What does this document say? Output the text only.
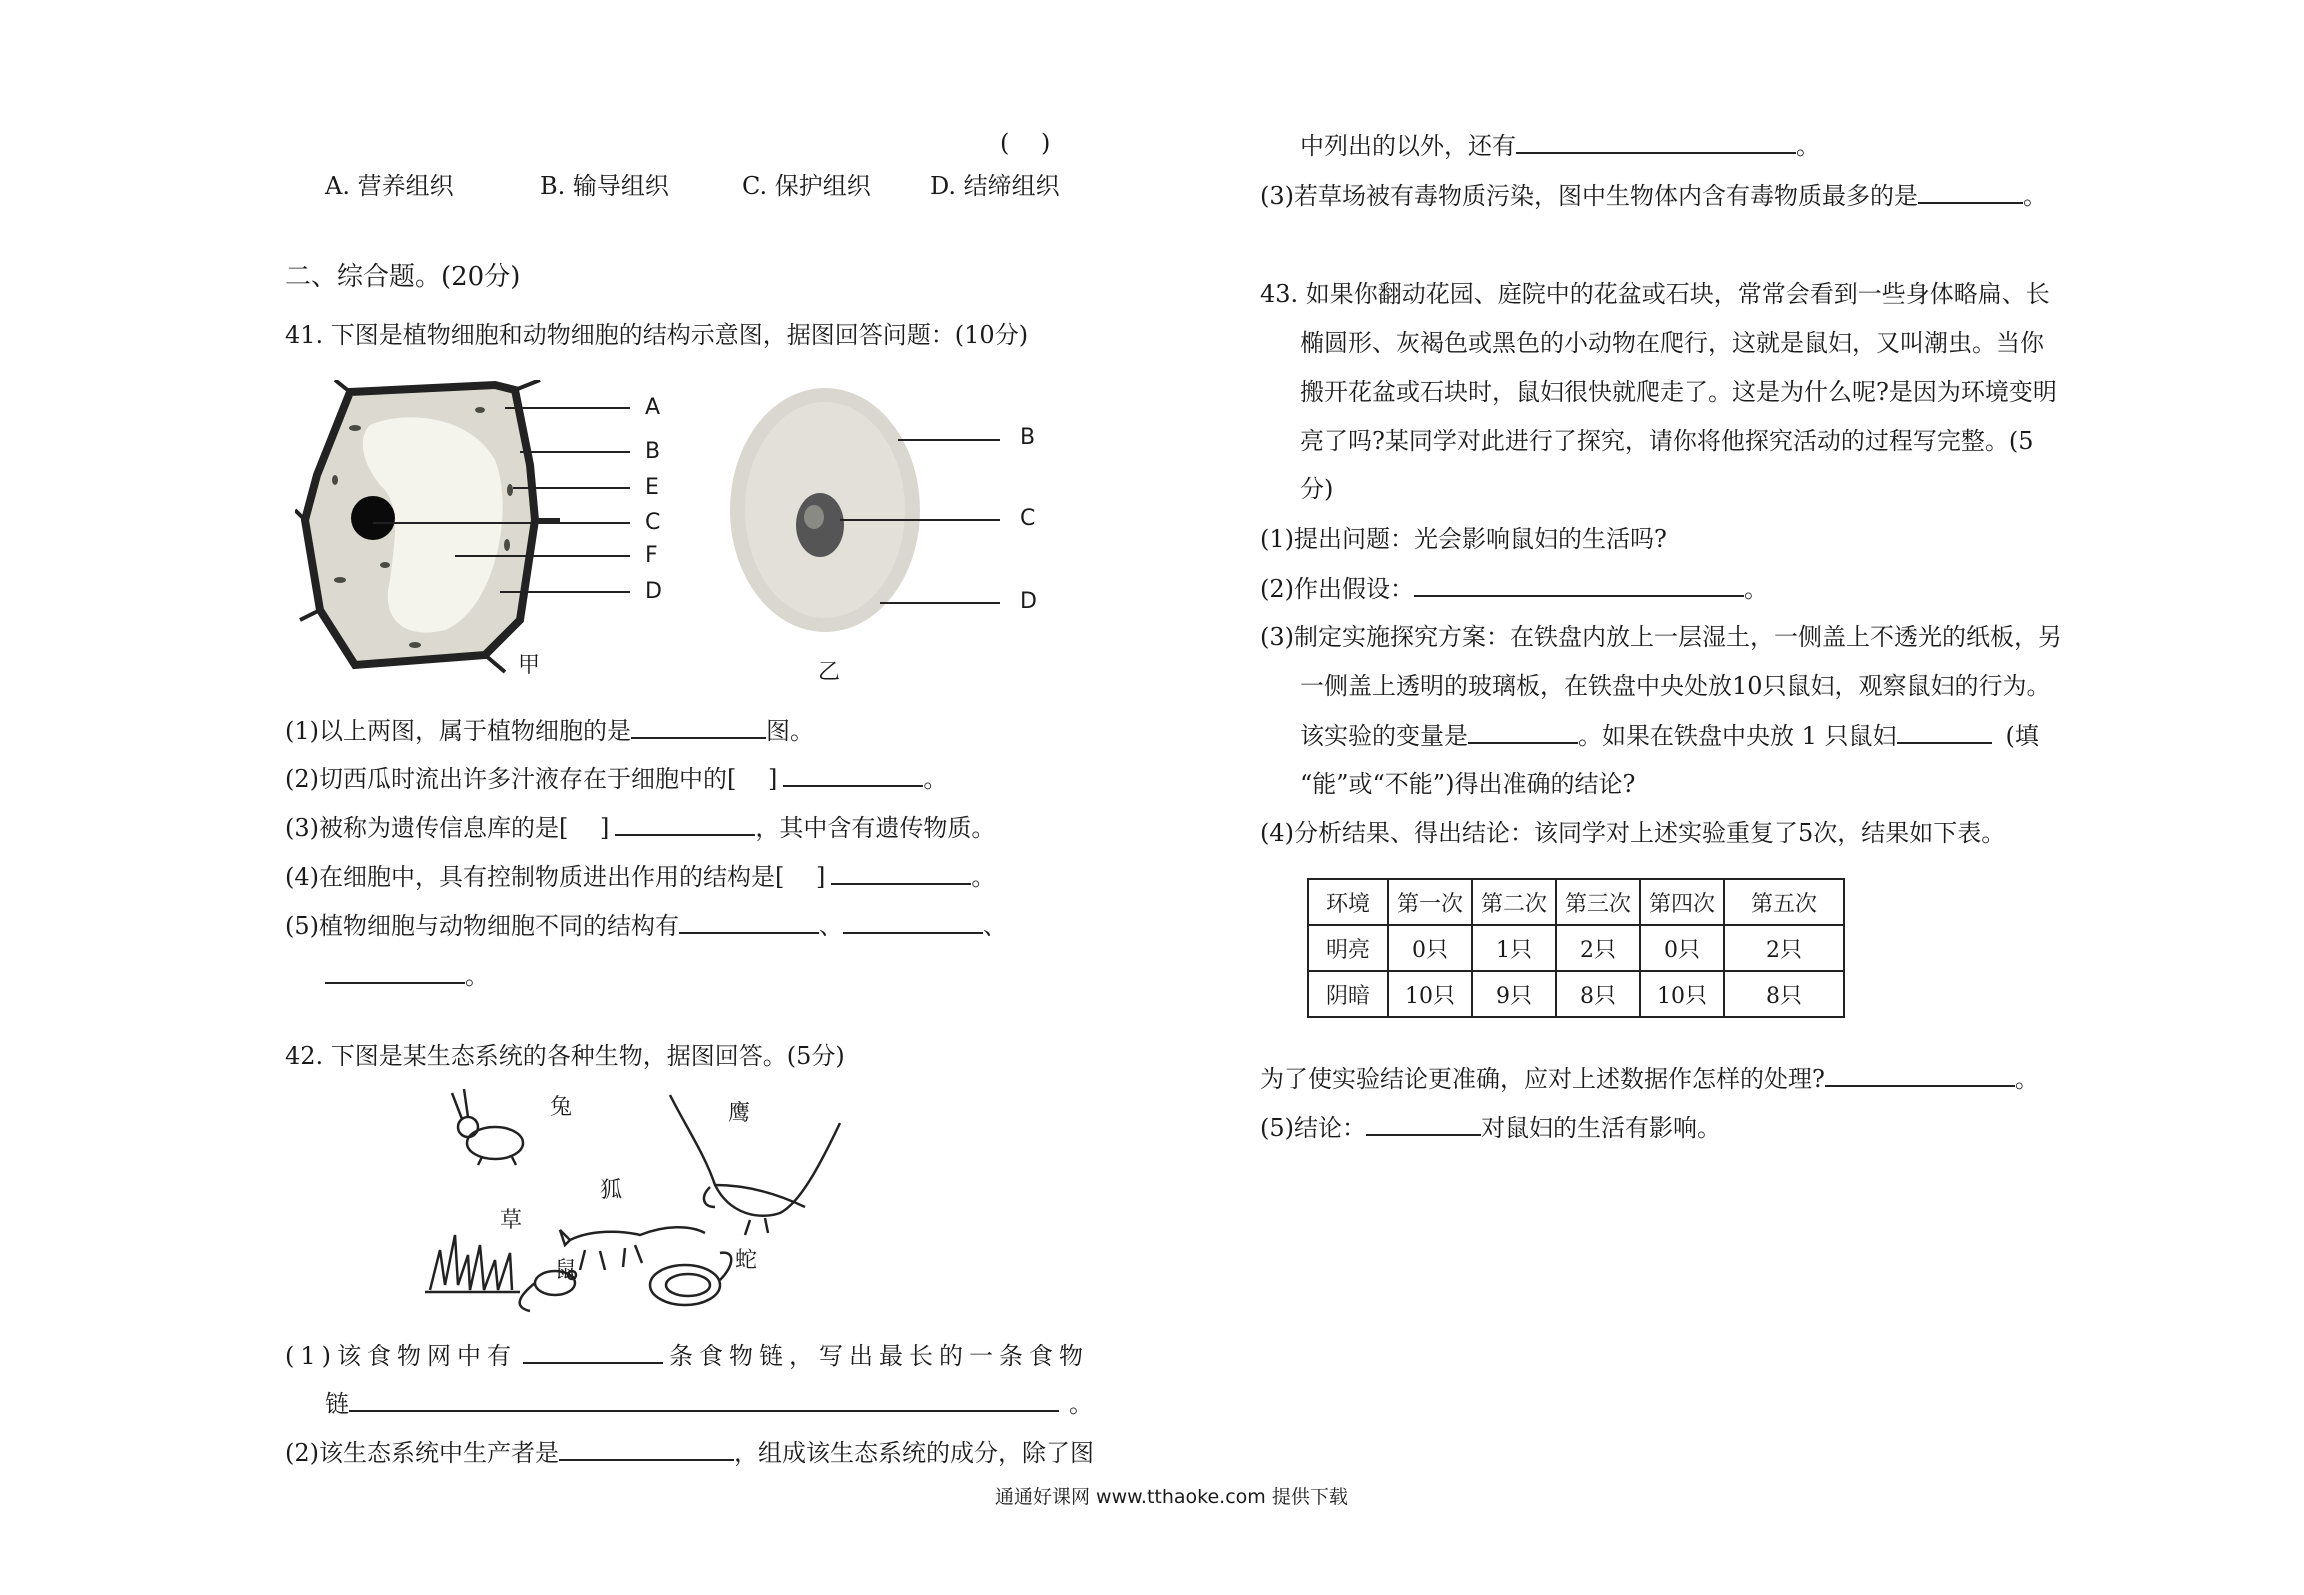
(　 )
A. 营养组织	B. 输导组织	C. 保护组织 D. 结缔组织
二、综合题。(20分)
41. 下图是植物细胞和动物细胞的结构示意图，据图回答问题：(10分)
A
B
E
C
F
D
甲
B
C
D
乙
(1)以上两图，属于植物细胞的是	图。
(2)切西瓜时流出许多汁液存在于细胞中的[　 ]	。
(3)被称为遗传信息库的是[　 ]	，其中含有遗传物质。
(4)在细胞中，具有控制物质进出作用的结构是[　 ]	。
(5)植物细胞与动物细胞不同的结构有	、	、
。
42. 下图是某生态系统的各种生物，据图回答。(5分)
兔	鹰
狐
草
鼠	蛇
(1)该食物网中有	条食物链，写出最长的一条食物
链	。
(2)该生态系统中生产者是	，组成该生态系统的成分，除了图
中列出的以外，还有	。
(3)若草场被有毒物质污染，图中生物体内含有毒物质最多的是	。
43. 如果你翻动花园、庭院中的花盆或石块，常常会看到一些身体略扁、长
椭圆形、灰褐色或黑色的小动物在爬行，这就是鼠妇，又叫潮虫。当你
搬开花盆或石块时，鼠妇很快就爬走了。这是为什么呢?是因为环境变明
亮了吗?某同学对此进行了探究，请你将他探究活动的过程写完整。(5
分)
(1)提出问题：光会影响鼠妇的生活吗?
(2)作出假设：	。
(3)制定实施探究方案：在铁盘内放上一层湿土，一侧盖上不透光的纸板，另
一侧盖上透明的玻璃板，在铁盘中央处放10只鼠妇，观察鼠妇的行为。
该实验的变量是	。如果在铁盘中央放 1 只鼠妇	(填
“能”或“不能”)得出准确的结论?
(4)分析结果、得出结论：该同学对上述实验重复了5次，结果如下表。
环境	第一次	第二次	第三次	第四次	第五次
明亮	0只	1只	2只	0只	2只
阴暗	10只	9只	8只	10只	8只
为了使实验结论更准确，应对上述数据作怎样的处理?	。
(5)结论：	对鼠妇的生活有影响。
通通好课网 www.tthaoke.com 提供下载
